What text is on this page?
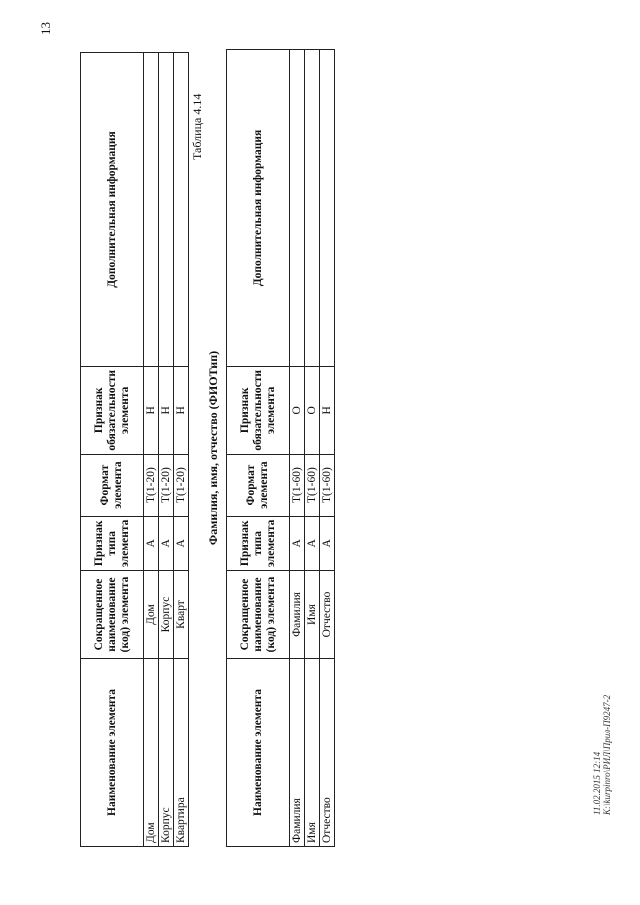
13
Наименование элемента	Сокращенное наименование (код) элемента	Признак типа элемента	Формат элемента	Признак обязательности элемента	Дополнительная информация
Дом	Дом	А	T(1-20)	Н	
Корпус	Корпус	А	T(1-20)	Н	
Квартира	Кварт	А	T(1-20)	Н	
Таблица 4.14
Фамилия, имя, отчество (ФИОТип)
Наименование элемента	Сокращенное наименование (код) элемента	Признак типа элемента	Формат элемента	Признак обязательности элемента	Дополнительная информация
Фамилия	Фамилия	А	T(1-60)	О	
Имя	Имя	А	T(1-60)	О	
Отчество	Отчество	А	T(1-60)	Н	
11.02.2015 12:14 К:\kurpinro\РИЛ\Прил-П9247-2
